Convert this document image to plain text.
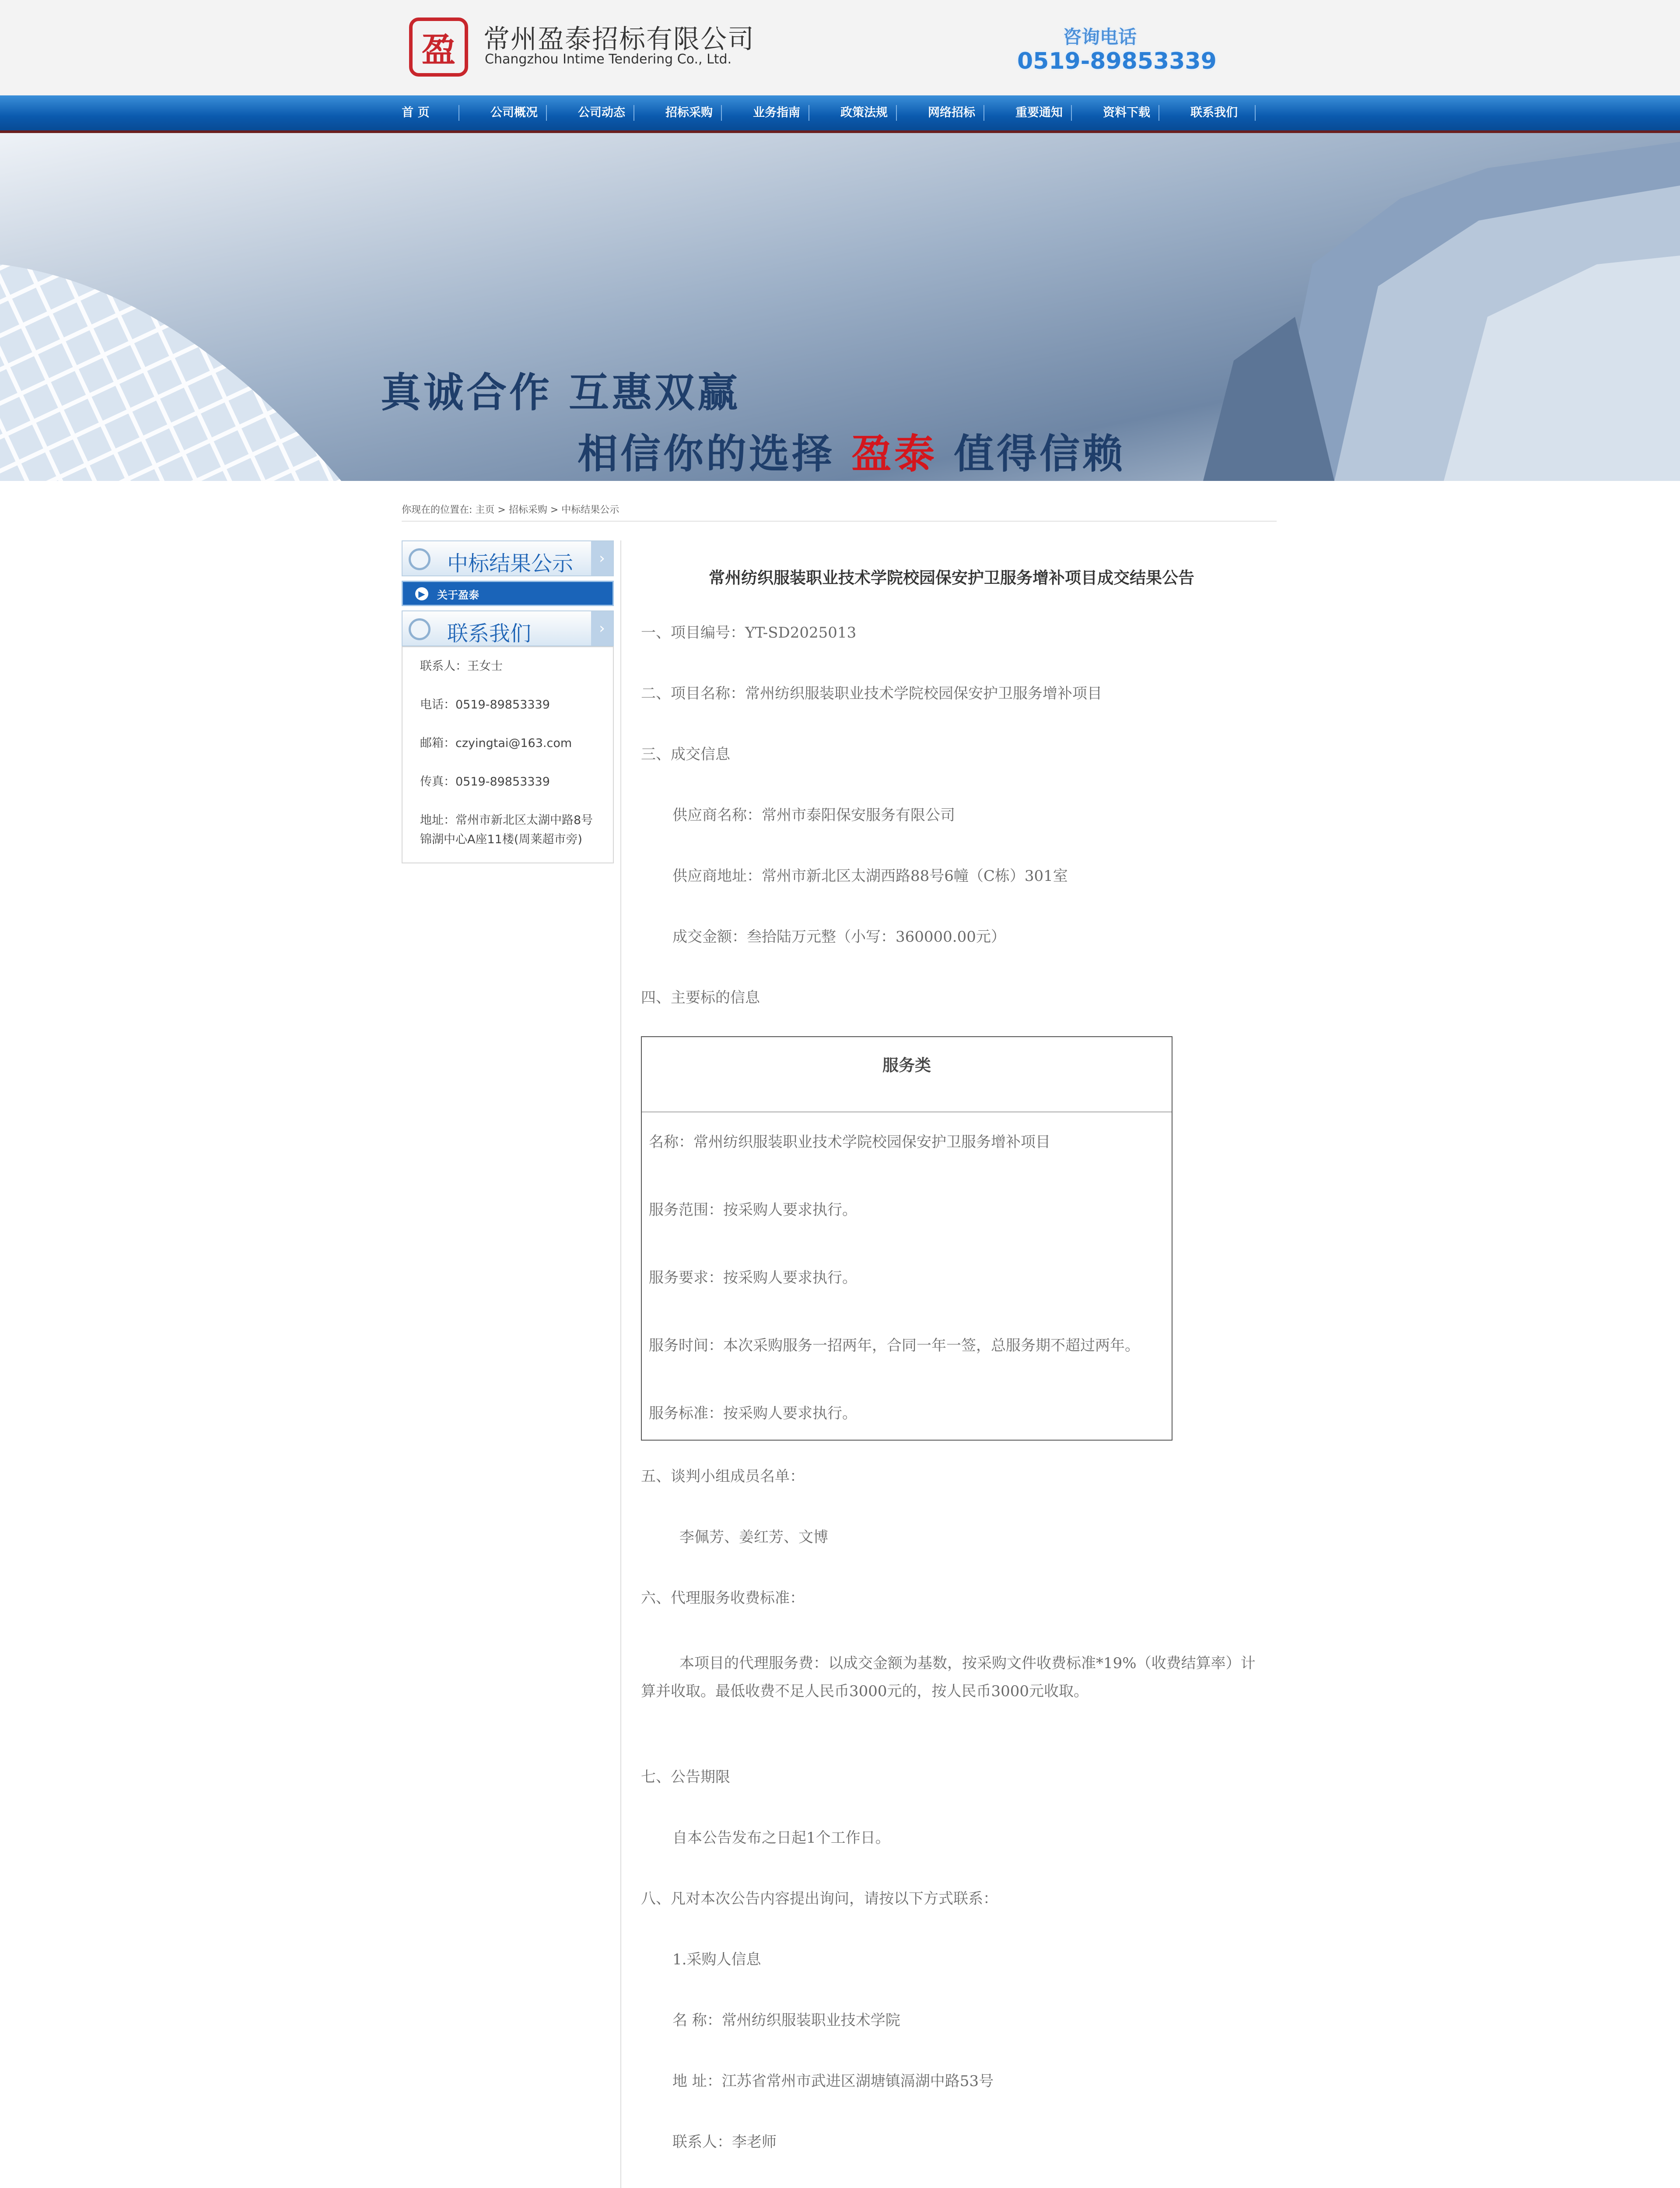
盈	常州盈泰招标有限公司
Changzhou Intime Tendering Co., Ltd.
咨询电话
0519-89853339
首 页	公司概况	公司动态	招标采购	业务指南	政策法规	网络招标	重要通知	资料下载	联系我们
真诚合作 互惠双赢
相信你的选择 盈泰 值得信赖
你现在的位置在: 主页 > 招标采购 > 中标结果公示
中标结果公示	›
▶	关于盈泰
联系我们	›

联系人：王女士

电话：0519-89853339

邮箱：czyingtai@163.com

传真：0519-89853339

地址：常州市新北区太湖中路8号锦湖中心A座11楼(周莱超市旁)

常州纺织服装职业技术学院校园保安护卫服务增补项目成交结果公告
一、项目编号：YT-SD2025013
二、项目名称：常州纺织服装职业技术学院校园保安护卫服务增补项目
三、成交信息
供应商名称：常州市泰阳保安服务有限公司
供应商地址：常州市新北区太湖西路88号6幢（C栋）301室
成交金额：叁拾陆万元整（小写：360000.00元）
四、主要标的信息
服务类

名称：常州纺织服装职业技术学院校园保安护卫服务增补项目

服务范围：按采购人要求执行。

服务要求：按采购人要求执行。

服务时间：本次采购服务一招两年，合同一年一签，总服务期不超过两年。

服务标准：按采购人要求执行。

五、谈判小组成员名单：
李佩芳、姜红芳、文博
六、代理服务收费标准：
本项目的代理服务费：以成交金额为基数，按采购文件收费标准*19%（收费结算率）计算并收取。最低收费不足人民币3000元的，按人民币3000元收取。
七、公告期限
自本公告发布之日起1个工作日。
八、凡对本次公告内容提出询问，请按以下方式联系：
1.采购人信息
名 称：常州纺织服装职业技术学院
地 址：江苏省常州市武进区湖塘镇滆湖中路53号
联系人：李老师
